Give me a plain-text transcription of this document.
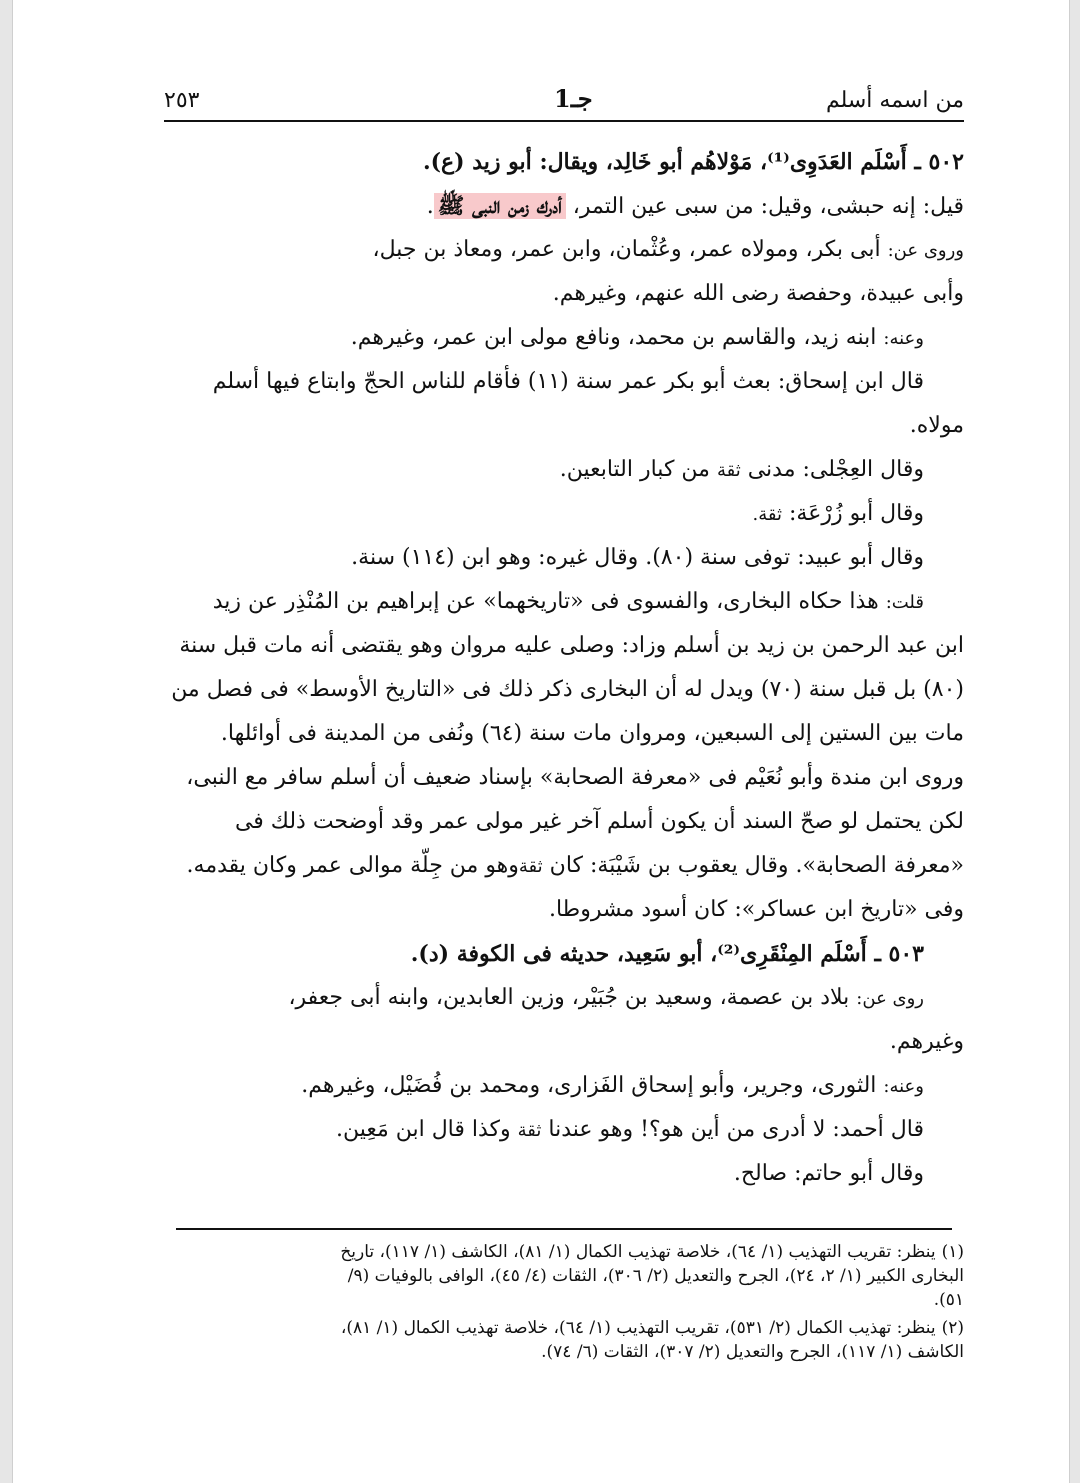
من اسمه أسلم
جـ1
٢٥٣
٥٠٢ ـ أَسْلَم العَدَوِى⁽¹⁾، مَوْلاهُم أبو خَالِد، ويقال: أبو زيد (ع).
قيل: إنه حبشى، وقيل: من سبى عين التمر، أدرك زمن النبى ﷺ.
وروى عن: أبى بكر، ومولاه عمر، وعُثْمان، وابن عمر، ومعاذ بن جبل،
وأبى عبيدة، وحفصة رضى الله عنهم، وغيرهم.
وعنه: ابنه زيد، والقاسم بن محمد، ونافع مولى ابن عمر، وغيرهم.
قال ابن إسحاق: بعث أبو بكر عمر سنة (١١) فأقام للناس الحجّ وابتاع فيها أسلم
مولاه.
وقال العِجْلى: مدنى ثقة من كبار التابعين.
وقال أبو زُرْعَة: ثقة.
وقال أبو عبيد: توفى سنة (٨٠). وقال غيره: وهو ابن (١١٤) سنة.
قلت: هذا حكاه البخارى، والفسوى فى «تاريخهما» عن إبراهيم بن المُنْذِر عن زيد
ابن عبد الرحمن بن زيد بن أسلم وزاد: وصلى عليه مروان وهو يقتضى أنه مات قبل سنة
(٨٠) بل قبل سنة (٧٠) ويدل له أن البخارى ذكر ذلك فى «التاريخ الأوسط» فى فصل من
مات بين الستين إلى السبعين، ومروان مات سنة (٦٤) ونُفى من المدينة فى أوائلها.
وروى ابن مندة وأبو نُعَيْم فى «معرفة الصحابة» بإسناد ضعيف أن أسلم سافر مع النبى،
لكن يحتمل لو صحّ السند أن يكون أسلم آخر غير مولى عمر وقد أوضحت ذلك فى
«معرفة الصحابة». وقال يعقوب بن شَيْبَة: كان ثقةوهو من جِلّة موالى عمر وكان يقدمه.
وفى «تاريخ ابن عساكر»: كان أسود مشروطا.
٥٠٣ ـ أَسْلَم المِنْقَرِى⁽²⁾، أبو سَعِيد، حديثه فى الكوفة (د).
روى عن: بلاد بن عصمة، وسعيد بن جُبَيْر، وزين العابدين، وابنه أبى جعفر،
وغيرهم.
وعنه: الثورى، وجرير، وأبو إسحاق الفَزارى، ومحمد بن فُضَيْل، وغيرهم.
قال أحمد: لا أدرى من أين هو؟! وهو عندنا ثقة وكذا قال ابن مَعِين.
وقال أبو حاتم: صالح.
(١)ينظر: تقريب التهذيب (١/ ٦٤)، خلاصة تهذيب الكمال (١/ ٨١)، الكاشف (١/ ١١٧)، تاريخ
البخارى الكبير (١/ ٢، ٢٤)، الجرح والتعديل (٢/ ٣٠٦)، الثقات (٤/ ٤٥)، الوافى بالوفيات (٩/
٥١).
(٢)ينظر: تهذيب الكمال (٢/ ٥٣١)، تقريب التهذيب (١/ ٦٤)، خلاصة تهذيب الكمال (١/ ٨١)،
الكاشف (١/ ١١٧)، الجرح والتعديل (٢/ ٣٠٧)، الثقات (٦/ ٧٤).
